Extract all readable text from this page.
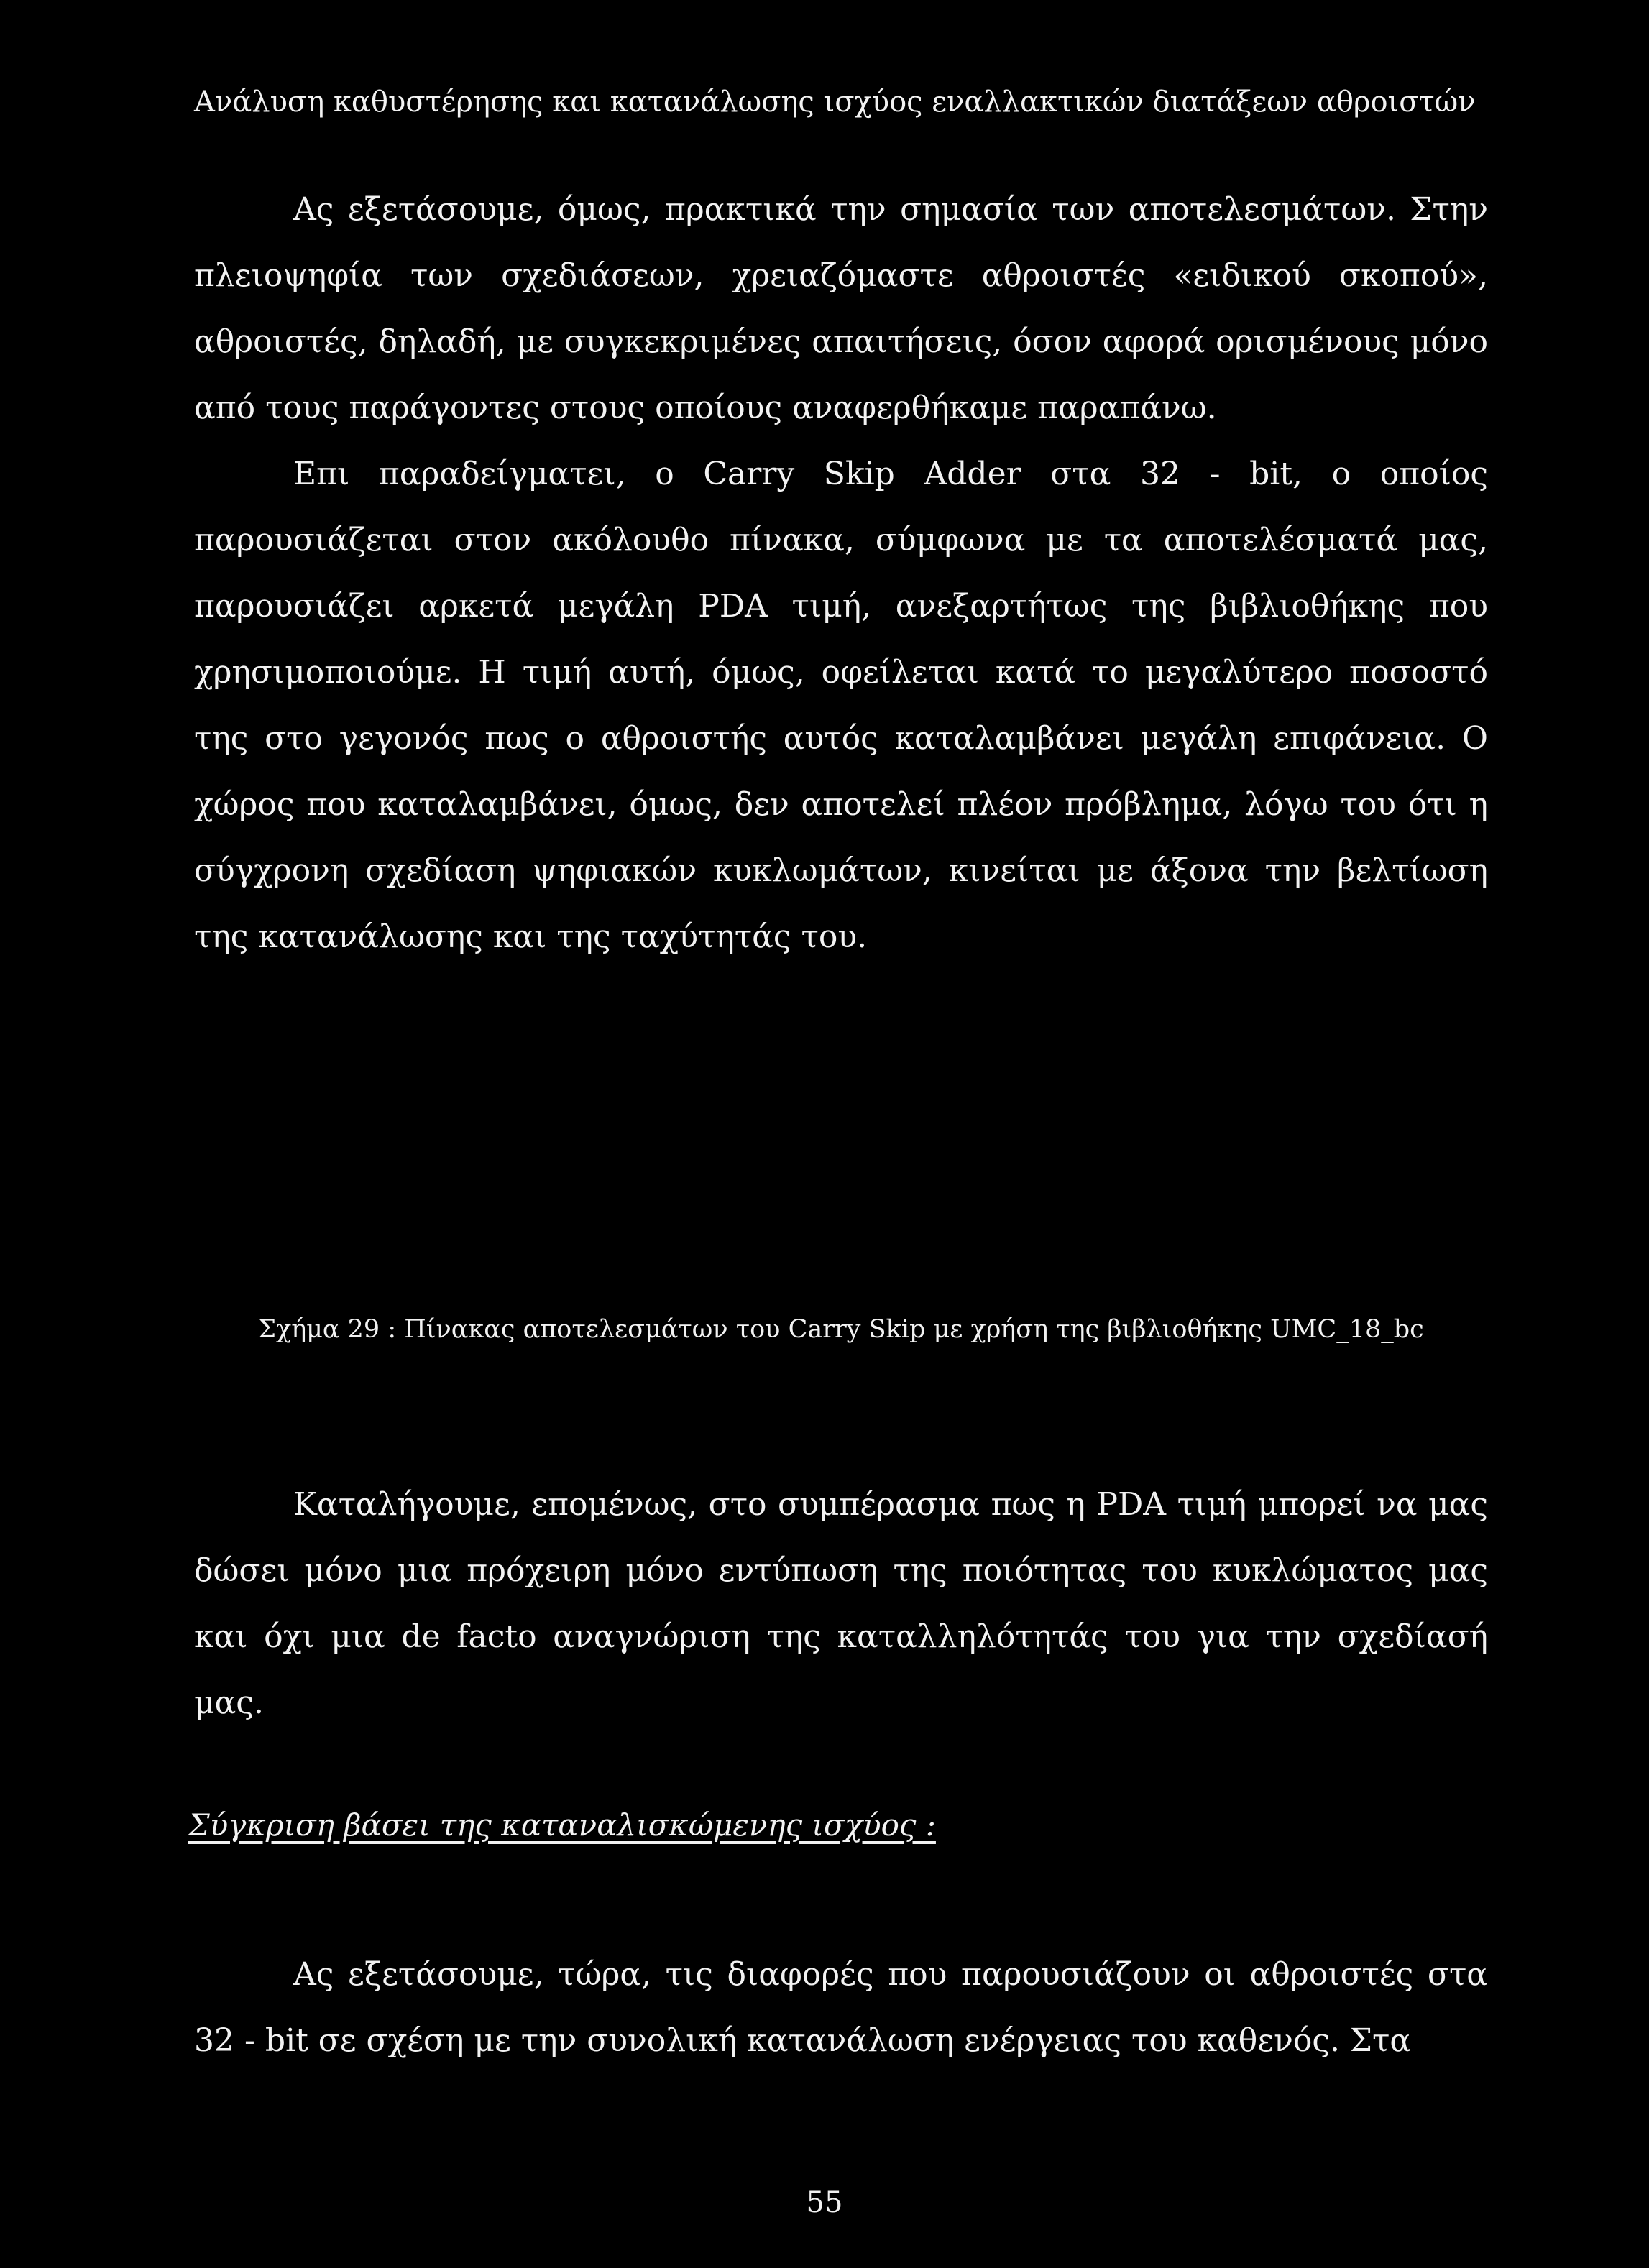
Ανάλυση καθυστέρησης και κατανάλωσης ισχύος εναλλακτικών διατάξεων αθροιστών

Ας εξετάσουμε, όμως, πρακτικά την σημασία των αποτελεσμάτων. Στην πλειοψηφία των σχεδιάσεων, χρειαζόμαστε αθροιστές «ειδικού σκοπού», αθροιστές, δηλαδή, με συγκεκριμένες απαιτήσεις, όσον αφορά ορισμένους μόνο από τους παράγοντες στους οποίους αναφερθήκαμε παραπάνω.

Επι παραδείγματει, ο Carry Skip Adder στα 32 - bit, ο οποίος παρουσιάζεται στον ακόλουθο πίνακα, σύμφωνα με τα αποτελέσματά μας, παρουσιάζει αρκετά μεγάλη PDA τιμή, ανεξαρτήτως της βιβλιοθήκης που χρησιμοποιούμε. Η τιμή αυτή, όμως, οφείλεται κατά το μεγαλύτερο ποσοστό της στο γεγονός πως ο αθροιστής αυτός καταλαμβάνει μεγάλη επιφάνεια. Ο χώρος που καταλαμβάνει, όμως, δεν αποτελεί πλέον πρόβλημα, λόγω του ότι η σύγχρονη σχεδίαση ψηφιακών κυκλωμάτων, κινείται με άξονα την βελτίωση της κατανάλωσης και της ταχύτητάς του.

Σχήμα 29 : Πίνακας αποτελεσμάτων του Carry Skip με χρήση της βιβλιοθήκης UMC_18_bc

Καταλήγουμε, επομένως, στο συμπέρασμα πως η PDA τιμή μπορεί να μας δώσει μόνο μια πρόχειρη μόνο εντύπωση της ποιότητας του κυκλώματος μας και όχι μια de facto αναγνώριση της καταλληλότητάς του για την σχεδίασή μας.

Σύγκριση βάσει της καταναλισκώμενης ισχύος :

Ας εξετάσουμε, τώρα, τις διαφορές που παρουσιάζουν οι αθροιστές στα 32 - bit σε σχέση με την συνολική κατανάλωση ενέργειας του καθενός. Στα

55
